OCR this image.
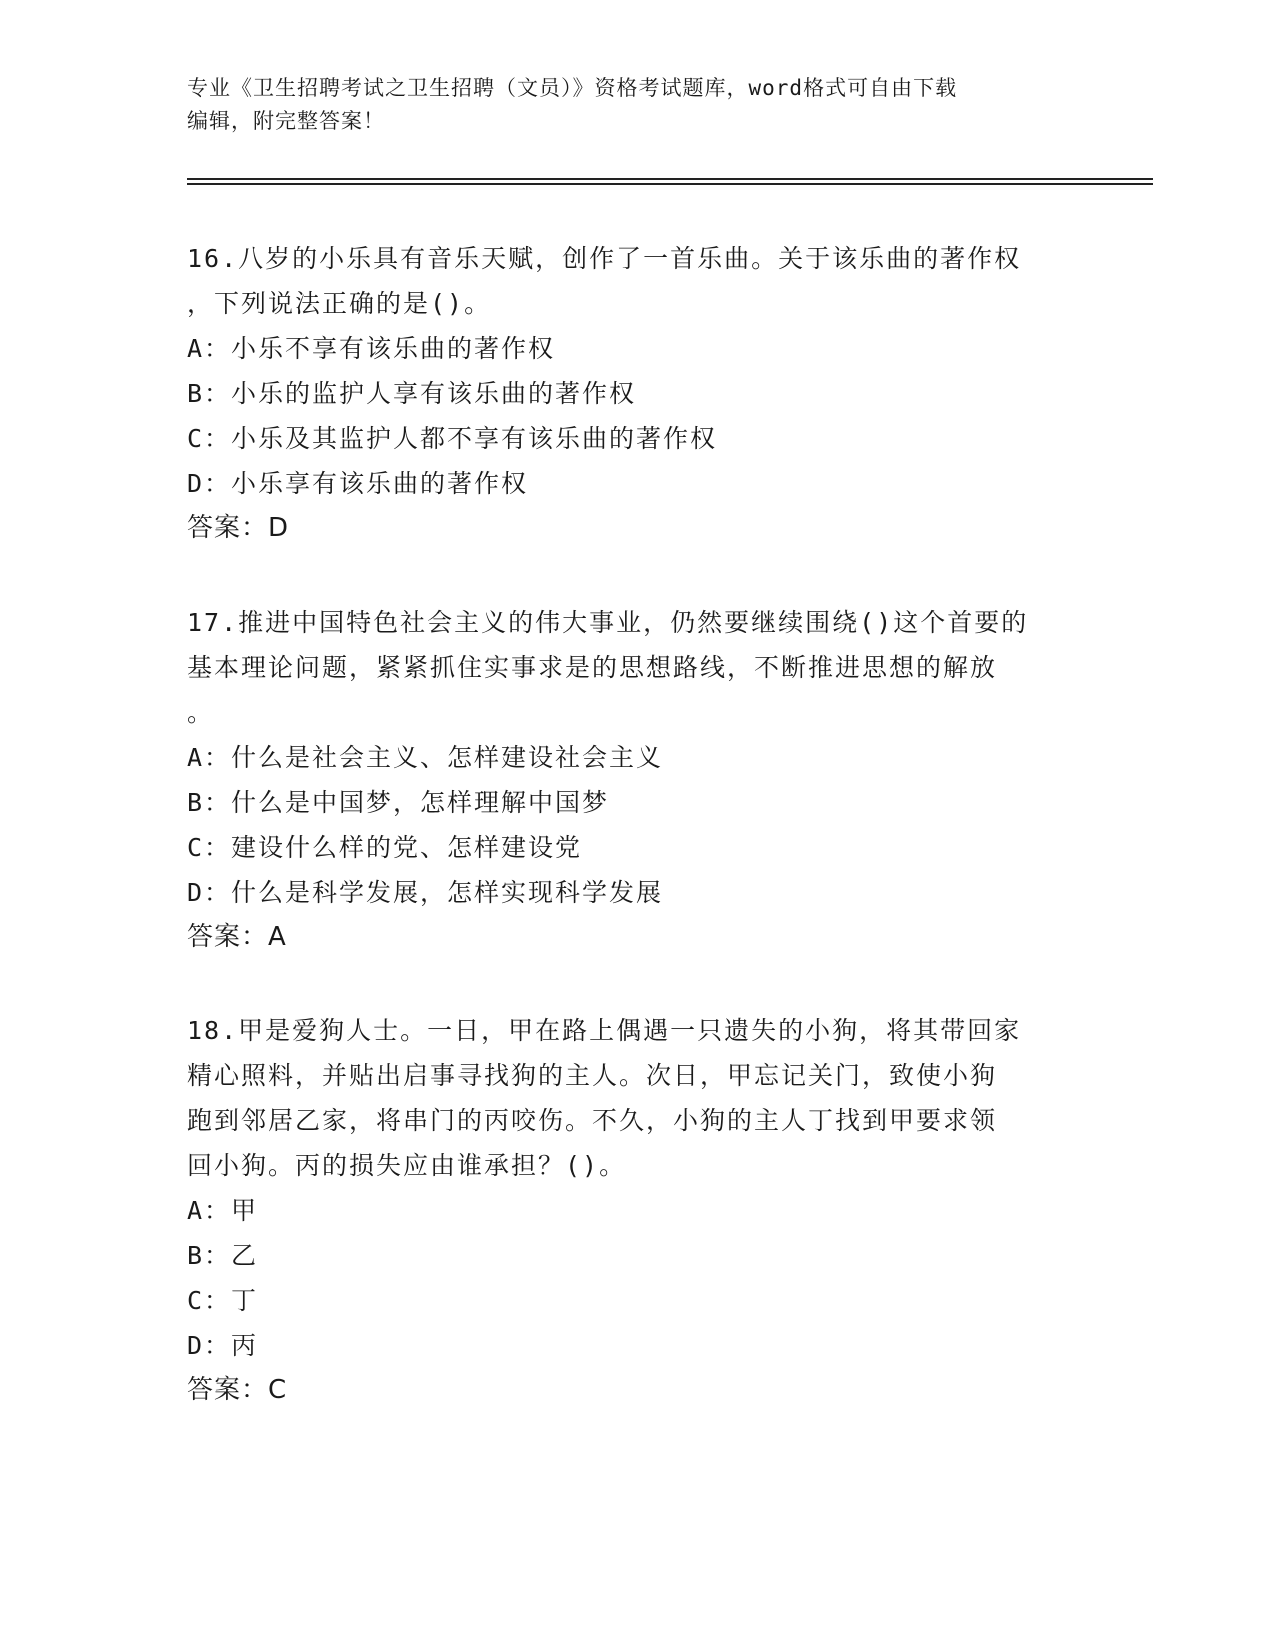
专业《卫生招聘考试之卫生招聘（文员）》资格考试题库，word格式可自由下载
编辑，附完整答案！
16.八岁的小乐具有音乐天赋，创作了一首乐曲。关于该乐曲的著作权
，下列说法正确的是()。
A：小乐不享有该乐曲的著作权
B：小乐的监护人享有该乐曲的著作权
C：小乐及其监护人都不享有该乐曲的著作权
D：小乐享有该乐曲的著作权
答案：D
17.推进中国特色社会主义的伟大事业，仍然要继续围绕()这个首要的
基本理论问题，紧紧抓住实事求是的思想路线，不断推进思想的解放
。
A：什么是社会主义、怎样建设社会主义
B：什么是中国梦，怎样理解中国梦
C：建设什么样的党、怎样建设党
D：什么是科学发展，怎样实现科学发展
答案：A
18.甲是爱狗人士。一日，甲在路上偶遇一只遗失的小狗，将其带回家
精心照料，并贴出启事寻找狗的主人。次日，甲忘记关门，致使小狗
跑到邻居乙家，将串门的丙咬伤。不久，小狗的主人丁找到甲要求领
回小狗。丙的损失应由谁承担？()。
A：甲
B：乙
C：丁
D：丙
答案：C
